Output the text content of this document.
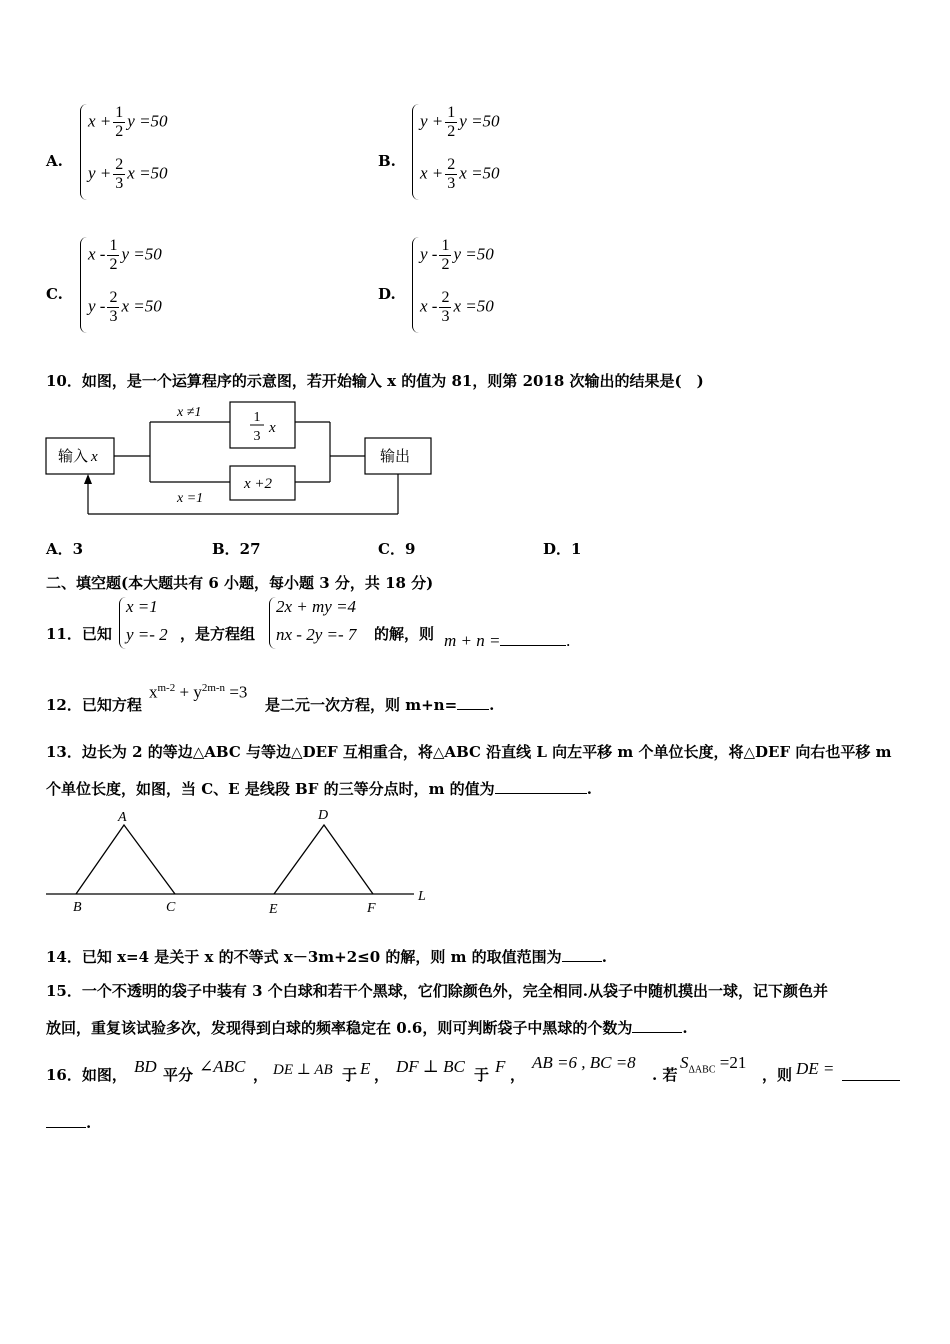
A.
$x + \frac{1}{2}$ y =50
$y + \frac{2}{3}$ x =50
B.
$y + \frac{1}{2}$ y =50
$x + \frac{2}{3}$ x =50
C.
x - $\frac{1}{2}$ y =50
y - $\frac{2}{3}$ x =50
D.
y - $\frac{1}{2}$ y =50
x - $\frac{2}{3}$ x =50
10．如图，是一个运算程序的示意图，若开始输入 x 的值为 81，则第 2018 次输出的结果是(　)
输入 x
x ≠1
x =1
1
3
x
x +2
输出
A．3	B．27	C．9	D．1
二、填空题(本大题共有 6 小题，每小题 3 分，共 18 分)
11．已知
x =1
y =- 2 ，是方程组
2x + my =4
nx - 2y =- 7 的解，则 m + n =	.
12．已知方程
$x^{m-2} + y^{2m-n} =3$
是二元一次方程，则 m+n= .
13．边长为 2 的等边△ABC 与等边△DEF 互相重合，将△ABC 沿直线 L 向左平移 m 个单位长度，将△DEF 向右也平移 m
个单位长度，如图，当 C、E 是线段 BF 的三等分点时，m 的值为	.
A
B	C
D
E	F
L
14．已知 x=4 是关于 x 的不等式 x－3m+2≤0 的解，则 m 的取值范围为	.
15．一个不透明的袋子中装有 3 个白球和若干个黑球，它们除颜色外，完全相同.从袋子中随机摸出一球，记下颜色并
放回，重复该试验多次，发现得到白球的频率稳定在 0.6，则可判断袋子中黑球的个数为	.
16．如图， BD 平分 ∠ABC ， DE ⊥ AB 于 E ， DF ⊥ BC 于 F ，
AB =6 , BC =8
. 若
$S_{\Delta ABC} =21$
，则 DE =
.
